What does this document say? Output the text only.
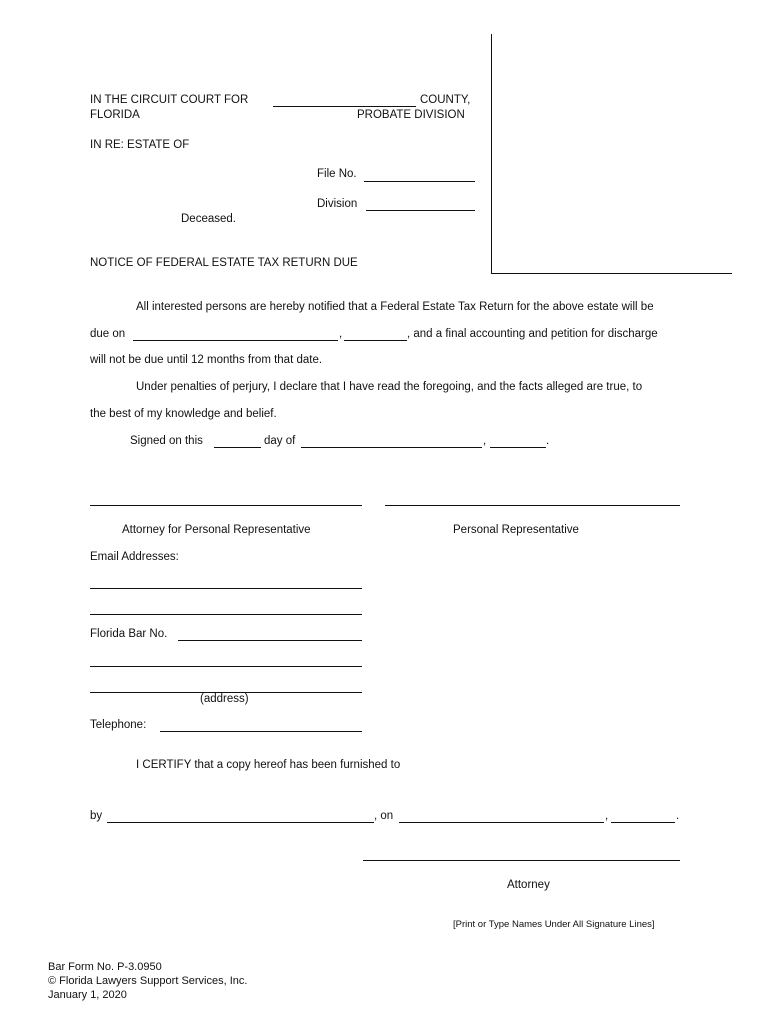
IN THE CIRCUIT COURT FOR	COUNTY,
FLORIDA	PROBATE DIVISION
IN RE: ESTATE OF
File No.
Division
Deceased.
NOTICE OF FEDERAL ESTATE TAX RETURN DUE
All interested persons are hereby notified that a Federal Estate Tax Return for the above estate will be
due on	,	, and a final accounting and petition for discharge
will not be due until 12 months from that date.
Under penalties of perjury, I declare that I have read the foregoing, and the facts alleged are true, to
the best of my knowledge and belief.
Signed on this	day of	,	.
Attorney for Personal Representative	Personal Representative
Email Addresses:
Florida Bar No.
(address)
Telephone:
I CERTIFY that a copy hereof has been furnished to
by	, on	,	.
Attorney
[Print or Type Names Under All Signature Lines]
Bar Form No. P-3.0950
© Florida Lawyers Support Services, Inc.
January 1, 2020
